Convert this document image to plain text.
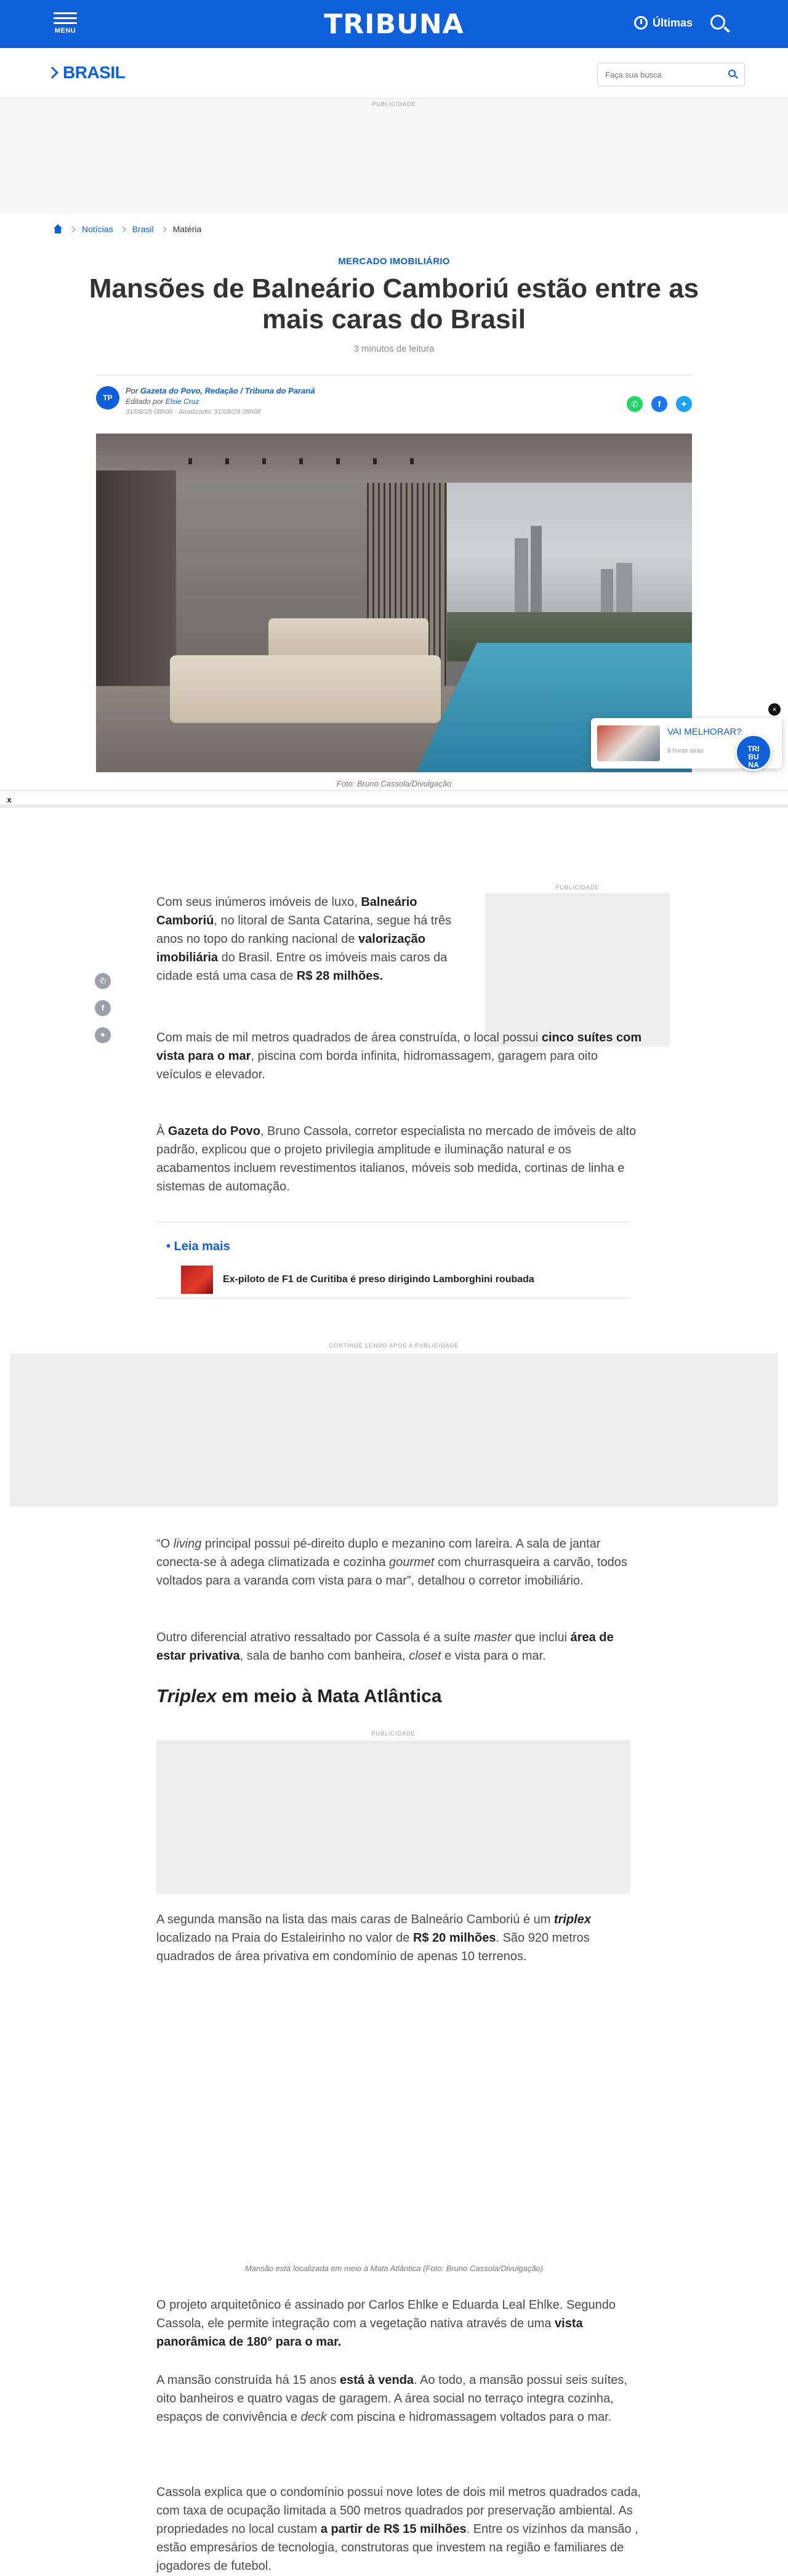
MENU	TRIBUNA	Últimas
BRASIL
Faça sua busca
PUBLICIDADE
Notícias Brasil Matéria
MERCADO IMOBILIÁRIO
Mansões de Balneário Camboriú estão entre as mais caras do Brasil
3 minutos de leitura
TP
Por Gazeta do Povo, Redação / Tribuna do Paraná
Editado por Elsie Cruz
31/08/25 08h00 - Atualizado: 31/08/25 08h08
✆	f	✦
Foto: Bruno Cassola/Divulgação
VAI MELHORAR?
8 horas atrás	TRI
BU
NA
×
x
✆
f
✦
PUBLICIDADE

Com seus inúmeros imóveis de luxo, Balneário Camboriú, no litoral de Santa Catarina, segue há três anos no topo do ranking nacional de valorização imobiliária do Brasil. Entre os imóveis mais caros da cidade está uma casa de R$ 28 milhões.

Com mais de mil metros quadrados de área construída, o local possui cinco suítes com vista para o mar, piscina com borda infinita, hidromassagem, garagem para oito veículos e elevador.

À Gazeta do Povo, Bruno Cassola, corretor especialista no mercado de imóveis de alto padrão, explicou que o projeto privilegia amplitude e iluminação natural e os acabamentos incluem revestimentos italianos, móveis sob medida, cortinas de linha e sistemas de automação.

• Leia mais
Ex-piloto de F1 de Curitiba é preso dirigindo Lamborghini roubada
CONTINUE LENDO APÓS A PUBLICIDADE

“O living principal possui pé-direito duplo e mezanino com lareira. A sala de jantar conecta-se à adega climatizada e cozinha gourmet com churrasqueira a carvão, todos voltados para a varanda com vista para o mar”, detalhou o corretor imobiliário.

Outro diferencial atrativo ressaltado por Cassola é a suíte master que inclui área de estar privativa, sala de banho com banheira, closet e vista para o mar.

Triplex em meio à Mata Atlântica
PUBLICIDADE

A segunda mansão na lista das mais caras de Balneário Camboriú é um triplex localizado na Praia do Estaleirinho no valor de R$ 20 milhões. São 920 metros quadrados de área privativa em condomínio de apenas 10 terrenos.

Mansão está localizada em meio à Mata Atlântica (Foto: Bruno Cassola/Divulgação)

O projeto arquitetônico é assinado por Carlos Ehlke e Eduarda Leal Ehlke. Segundo Cassola, ele permite integração com a vegetação nativa através de uma vista panorâmica de 180° para o mar.

A mansão construída há 15 anos está à venda. Ao todo, a mansão possui seis suítes, oito banheiros e quatro vagas de garagem. A área social no terraço integra cozinha, espaços de convivência e deck com piscina e hidromassagem voltados para o mar.

Cassola explica que o condomínio possui nove lotes de dois mil metros quadrados cada, com taxa de ocupação limitada a 500 metros quadrados por preservação ambiental. As propriedades no local custam a partir de R$ 15 milhões. Entre os vizinhos da mansão , estão empresários de tecnologia, construtoras que investem na região e familiares de jogadores de futebol.
